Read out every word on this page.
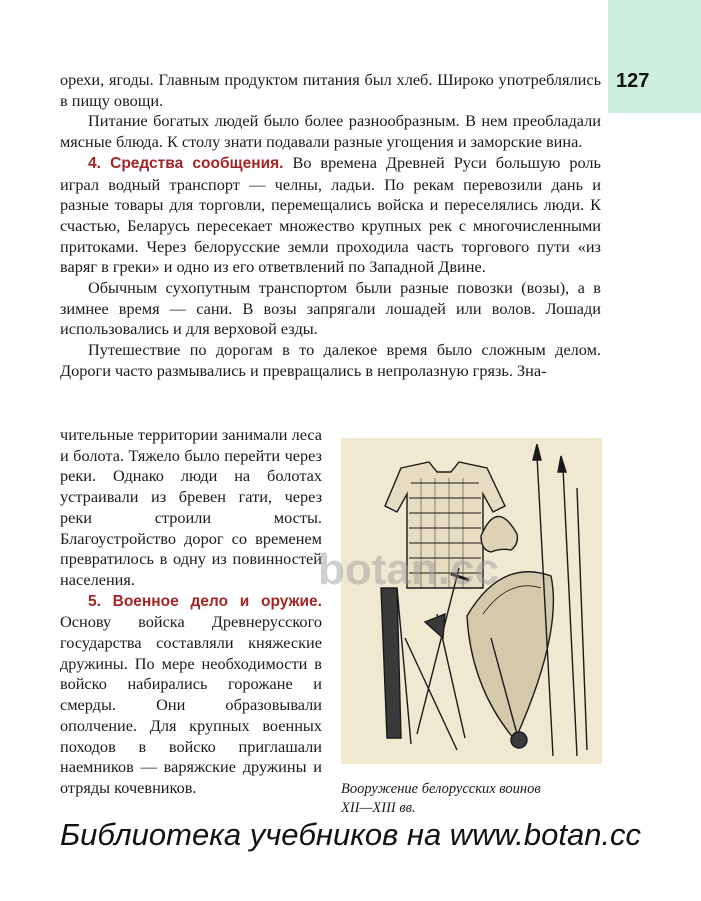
127

орехи, ягоды. Главным продуктом питания был хлеб. Широко употреблялись в пищу овощи.

Питание богатых людей было более разнообразным. В нем преобладали мясные блюда. К столу знати подавали разные угощения и заморские вина.

4. Средства сообщения. Во времена Древней Руси большую роль играл водный транспорт — челны, ладьи. По рекам перевозили дань и разные товары для торговли, перемещались войска и переселялись люди. К счастью, Беларусь пересекает множество крупных рек с многочисленными притоками. Через белорусские земли проходила часть торгового пути «из варяг в греки» и одно из его ответвлений по Западной Двине.

Обычным сухопутным транспортом были разные повозки (возы), а в зимнее время — сани. В возы запрягали лошадей или волов. Лошади использовались и для верховой езды.

Путешествие по дорогам в то далекое время было сложным делом. Дороги часто размывались и превращались в непролазную грязь. Зна-

чительные территории занимали леса и болота. Тяжело было перейти через реки. Однако люди на болотах устраивали из бревен гати, через реки строили мосты. Благоустройство дорог со временем превратилось в одну из повинностей населения.

5. Военное дело и оружие. Основу войска Древнерусского государства составляли княжеские дружины. По мере необходимости в войско набирались горожане и смерды. Они образовывали ополчение. Для крупных военных походов в войско приглашали наемников — варяжские дружины и отряды кочевников.

botan.cc
Вооружение белорусских воинов
XII—XIII вв.
Библиотека учебников на www.botan.cc
